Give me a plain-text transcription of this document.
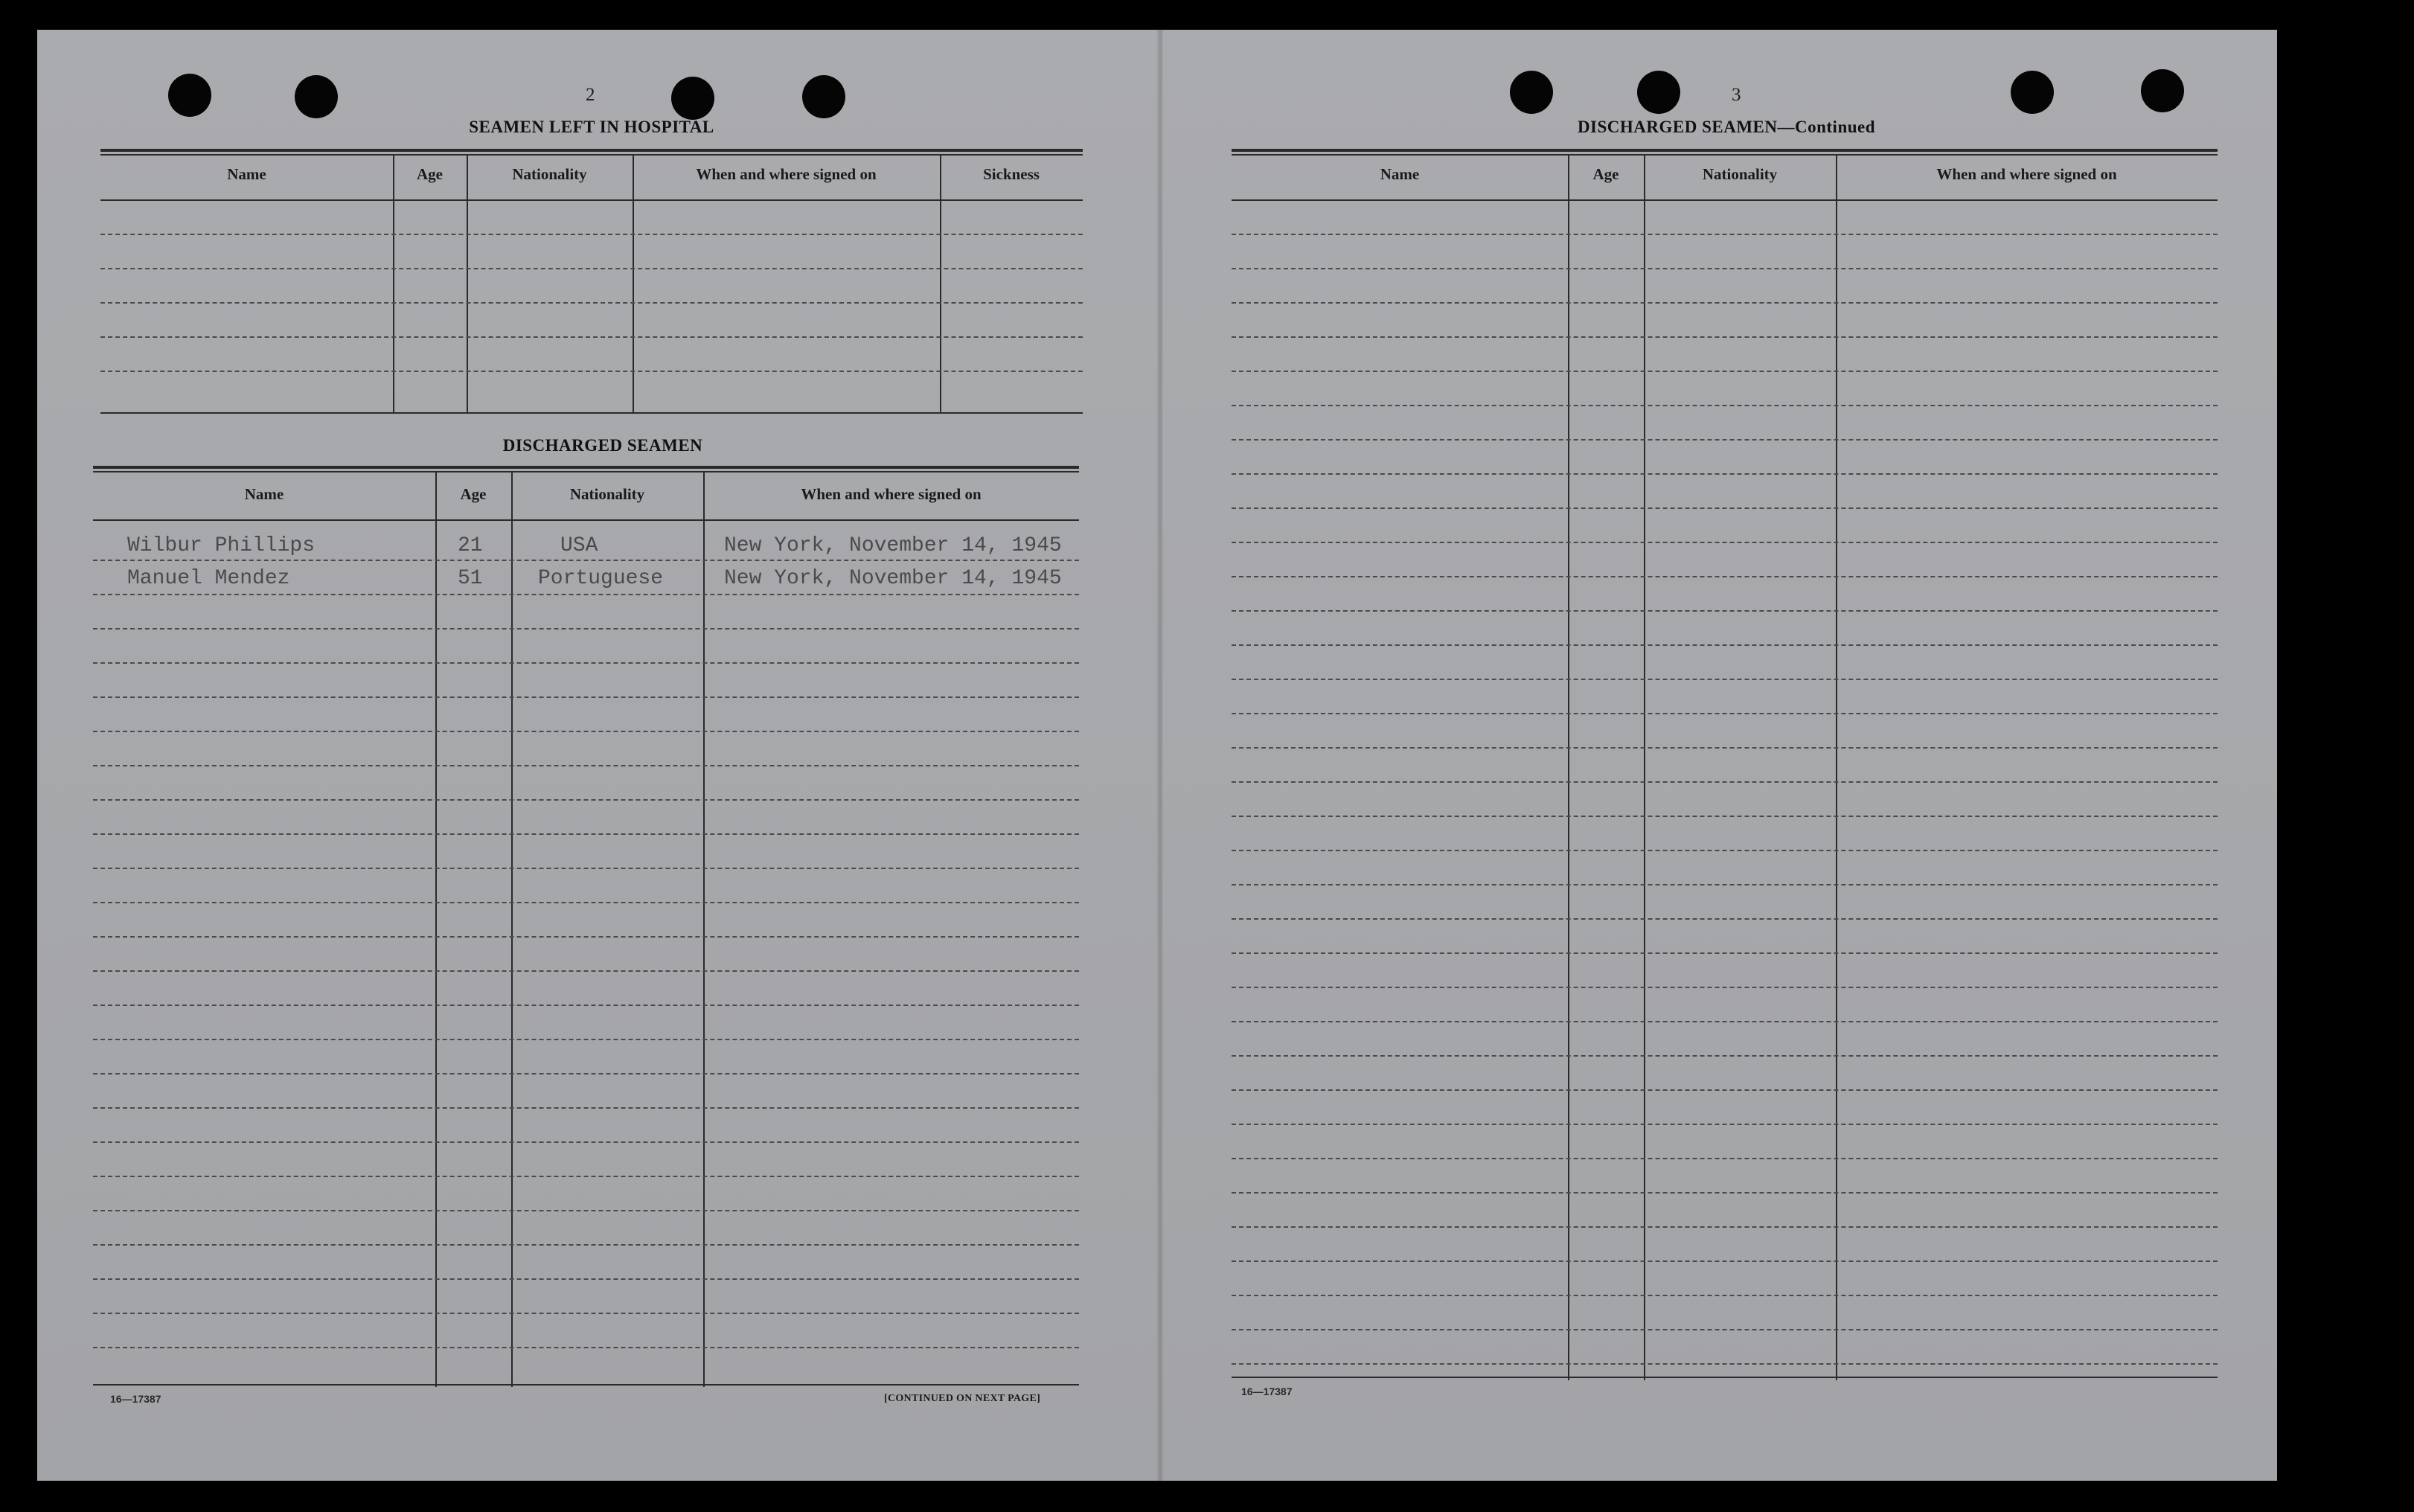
2
SEAMEN LEFT IN HOSPITAL
Name	Age	Nationality	When and where signed on	Sickness
DISCHARGED SEAMEN
Name	Age	Nationality	When and where signed on
Wilbur Phillips	21	USA	New York, November 14, 1945
Manuel Mendez	51	Portuguese	New York, November 14, 1945
16—17387	[CONTINUED ON NEXT PAGE]
3
DISCHARGED SEAMEN—Continued
Name	Age	Nationality	When and where signed on
16—17387
